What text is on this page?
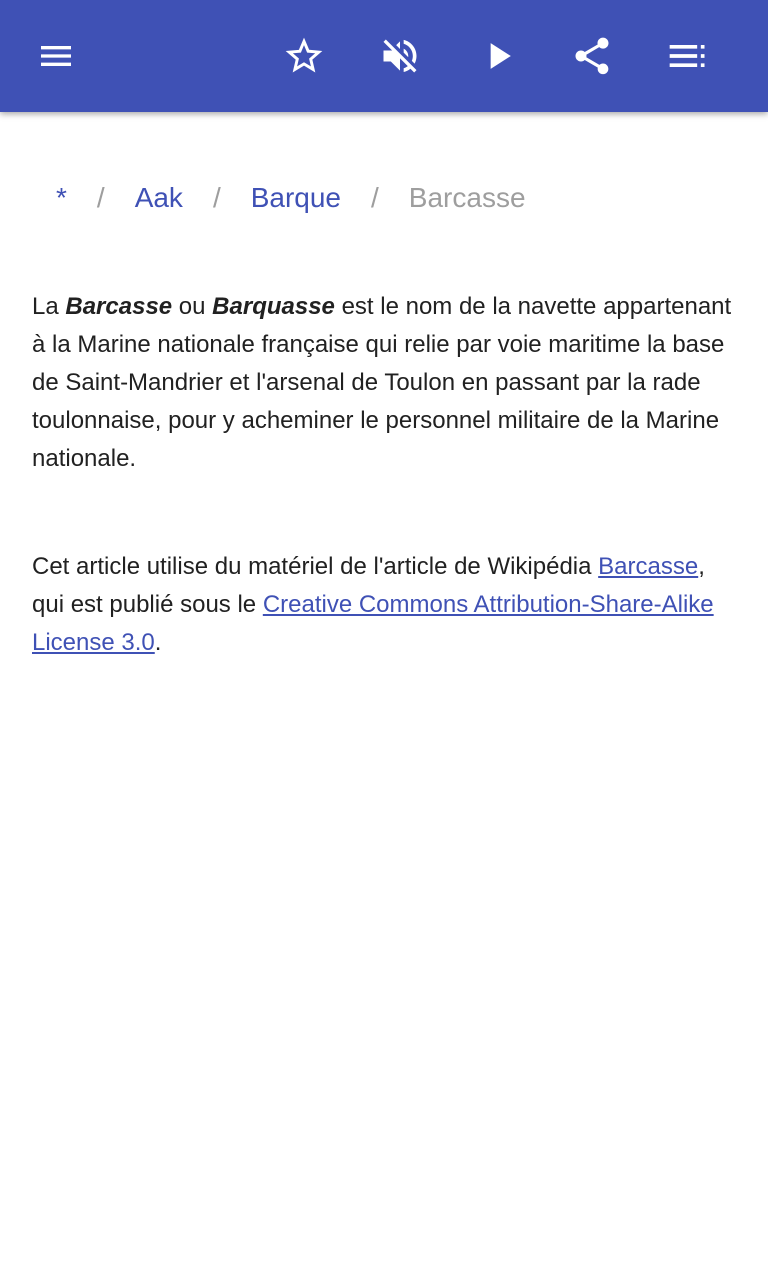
*	/	Aak	/	Barque	/	Barcasse

La Barcasse ou Barquasse est le nom de la navette appartenant à la Marine nationale française qui relie par voie maritime la base de Saint-Mandrier et l'arsenal de Toulon en passant par la rade toulonnaise, pour y acheminer le personnel militaire de la Marine nationale.

Cet article utilise du matériel de l'article de Wikipédia Barcasse, qui est publié sous le Creative Commons Attribution-Share-Alike License 3.0.
